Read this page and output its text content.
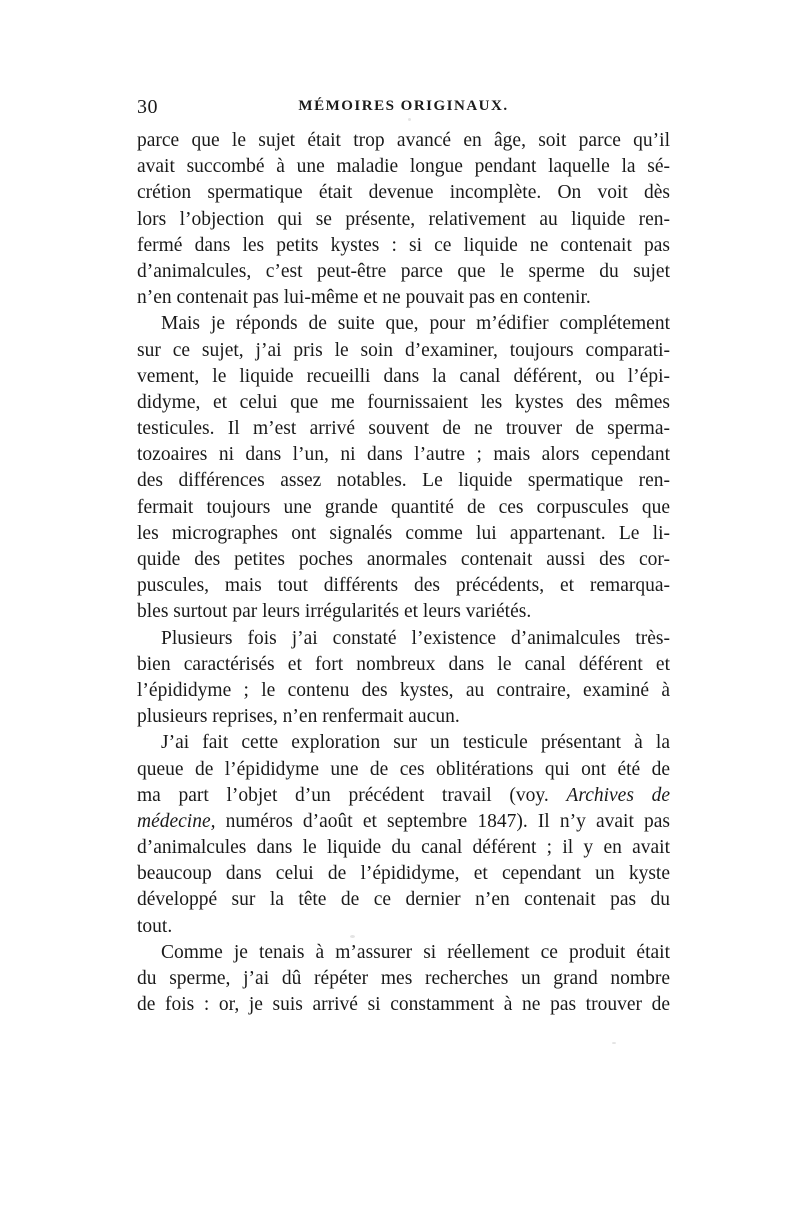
30	MÉMOIRES ORIGINAUX.
parce que le sujet était trop avancé en âge, soit parce qu’il
avait succombé à une maladie longue pendant laquelle la sé-
crétion spermatique était devenue incomplète. On voit dès
lors l’objection qui se présente, relativement au liquide ren-
fermé dans les petits kystes : si ce liquide ne contenait pas
d’animalcules, c’est peut-être parce que le sperme du sujet
n’en contenait pas lui-même et ne pouvait pas en contenir.
Mais je réponds de suite que, pour m’édifier complétement
sur ce sujet, j’ai pris le soin d’examiner, toujours comparati-
vement, le liquide recueilli dans la canal déférent, ou l’épi-
didyme, et celui que me fournissaient les kystes des mêmes
testicules. Il m’est arrivé souvent de ne trouver de sperma-
tozoaires ni dans l’un, ni dans l’autre ; mais alors cependant
des différences assez notables. Le liquide spermatique ren-
fermait toujours une grande quantité de ces corpuscules que
les micrographes ont signalés comme lui appartenant. Le li-
quide des petites poches anormales contenait aussi des cor-
puscules, mais tout différents des précédents, et remarqua-
bles surtout par leurs irrégularités et leurs variétés.
Plusieurs fois j’ai constaté l’existence d’animalcules très-
bien caractérisés et fort nombreux dans le canal déférent et
l’épididyme ; le contenu des kystes, au contraire, examiné à
plusieurs reprises, n’en renfermait aucun.
J’ai fait cette exploration sur un testicule présentant à la
queue de l’épididyme une de ces oblitérations qui ont été de
ma part l’objet d’un précédent travail (voy. Archives de
médecine, numéros d’août et septembre 1847). Il n’y avait pas
d’animalcules dans le liquide du canal déférent ; il y en avait
beaucoup dans celui de l’épididyme, et cependant un kyste
développé sur la tête de ce dernier n’en contenait pas du
tout.
Comme je tenais à m’assurer si réellement ce produit était
du sperme, j’ai dû répéter mes recherches un grand nombre
de fois : or, je suis arrivé si constamment à ne pas trouver de
